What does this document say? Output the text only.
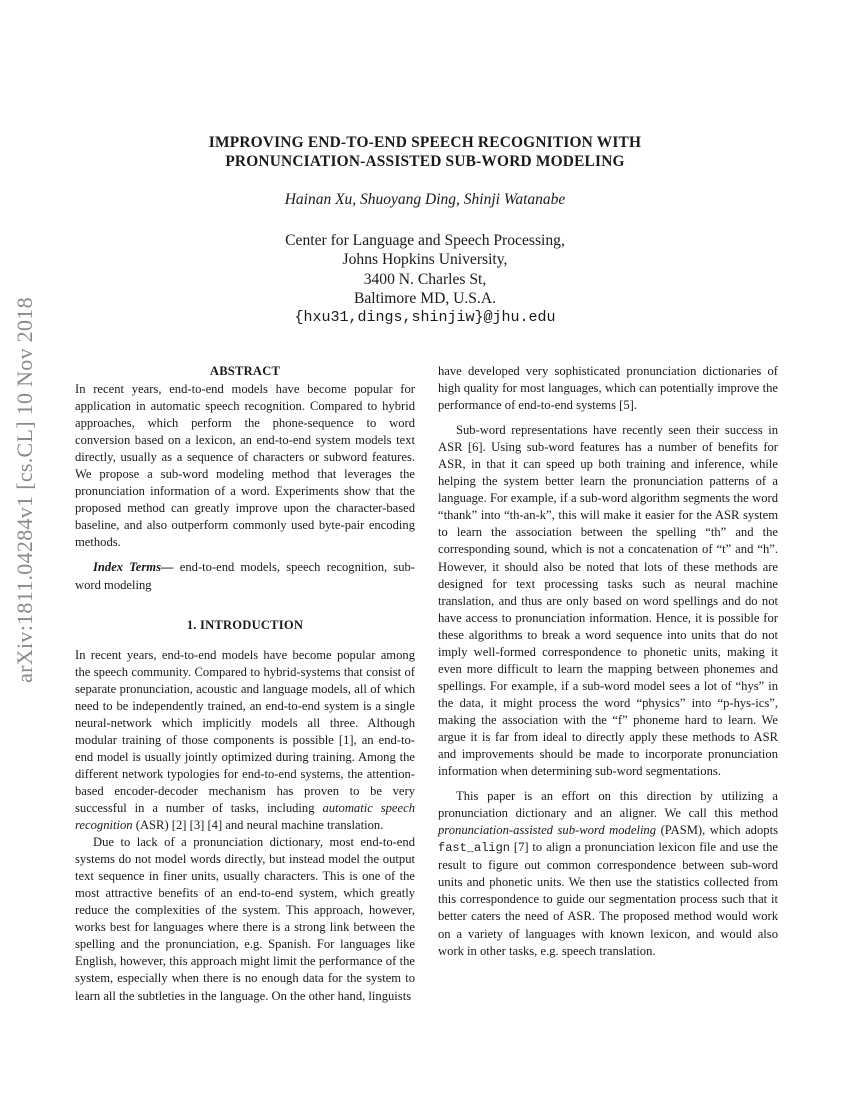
arXiv:1811.04284v1 [cs.CL] 10 Nov 2018
IMPROVING END-TO-END SPEECH RECOGNITION WITH
PRONUNCIATION-ASSISTED SUB-WORD MODELING
Hainan Xu, Shuoyang Ding, Shinji Watanabe
Center for Language and Speech Processing,
Johns Hopkins University,
3400 N. Charles St,
Baltimore MD, U.S.A.
{hxu31,dings,shinjiw}@jhu.edu
ABSTRACT

In recent years, end-to-end models have become popular for application in automatic speech recognition. Compared to hybrid approaches, which perform the phone-sequence to word conversion based on a lexicon, an end-to-end system models text directly, usually as a sequence of characters or subword features. We propose a sub-word modeling method that leverages the pronunciation information of a word. Experiments show that the proposed method can greatly improve upon the character-based baseline, and also outperform commonly used byte-pair encoding methods.

Index Terms— end-to-end models, speech recognition, sub-word modeling

1. INTRODUCTION

In recent years, end-to-end models have become popular among the speech community. Compared to hybrid-systems that consist of separate pronunciation, acoustic and language models, all of which need to be independently trained, an end-to-end system is a single neural-network which implicitly models all three. Although modular training of those components is possible [1], an end-to-end model is usually jointly optimized during training. Among the different network typologies for end-to-end systems, the attention-based encoder-decoder mechanism has proven to be very successful in a number of tasks, including automatic speech recognition (ASR) [2] [3] [4] and neural machine translation.

Due to lack of a pronunciation dictionary, most end-to-end systems do not model words directly, but instead model the output text sequence in finer units, usually characters. This is one of the most attractive benefits of an end-to-end system, which greatly reduce the complexities of the system. This approach, however, works best for languages where there is a strong link between the spelling and the pronunciation, e.g. Spanish. For languages like English, however, this approach might limit the performance of the system, especially when there is no enough data for the system to learn all the subtleties in the language. On the other hand, linguists

have developed very sophisticated pronunciation dictionaries of high quality for most languages, which can potentially improve the performance of end-to-end systems [5].

Sub-word representations have recently seen their success in ASR [6]. Using sub-word features has a number of benefits for ASR, in that it can speed up both training and inference, while helping the system better learn the pronunciation patterns of a language. For example, if a sub-word algorithm segments the word “thank” into “th-an-k”, this will make it easier for the ASR system to learn the association between the spelling “th” and the corresponding sound, which is not a concatenation of “t” and “h”. However, it should also be noted that lots of these methods are designed for text processing tasks such as neural machine translation, and thus are only based on word spellings and do not have access to pronunciation information. Hence, it is possible for these algorithms to break a word sequence into units that do not imply well-formed correspondence to phonetic units, making it even more difficult to learn the mapping between phonemes and spellings. For example, if a sub-word model sees a lot of “hys” in the data, it might process the word “physics” into “p-hys-ics”, making the association with the “f” phoneme hard to learn. We argue it is far from ideal to directly apply these methods to ASR and improvements should be made to incorporate pronunciation information when determining sub-word segmentations.

This paper is an effort on this direction by utilizing a pronunciation dictionary and an aligner. We call this method pronunciation-assisted sub-word modeling (PASM), which adopts fast_align [7] to align a pronunciation lexicon file and use the result to figure out common correspondence between sub-word units and phonetic units. We then use the statistics collected from this correspondence to guide our segmentation process such that it better caters the need of ASR. The proposed method would work on a variety of languages with known lexicon, and would also work in other tasks, e.g. speech translation.
